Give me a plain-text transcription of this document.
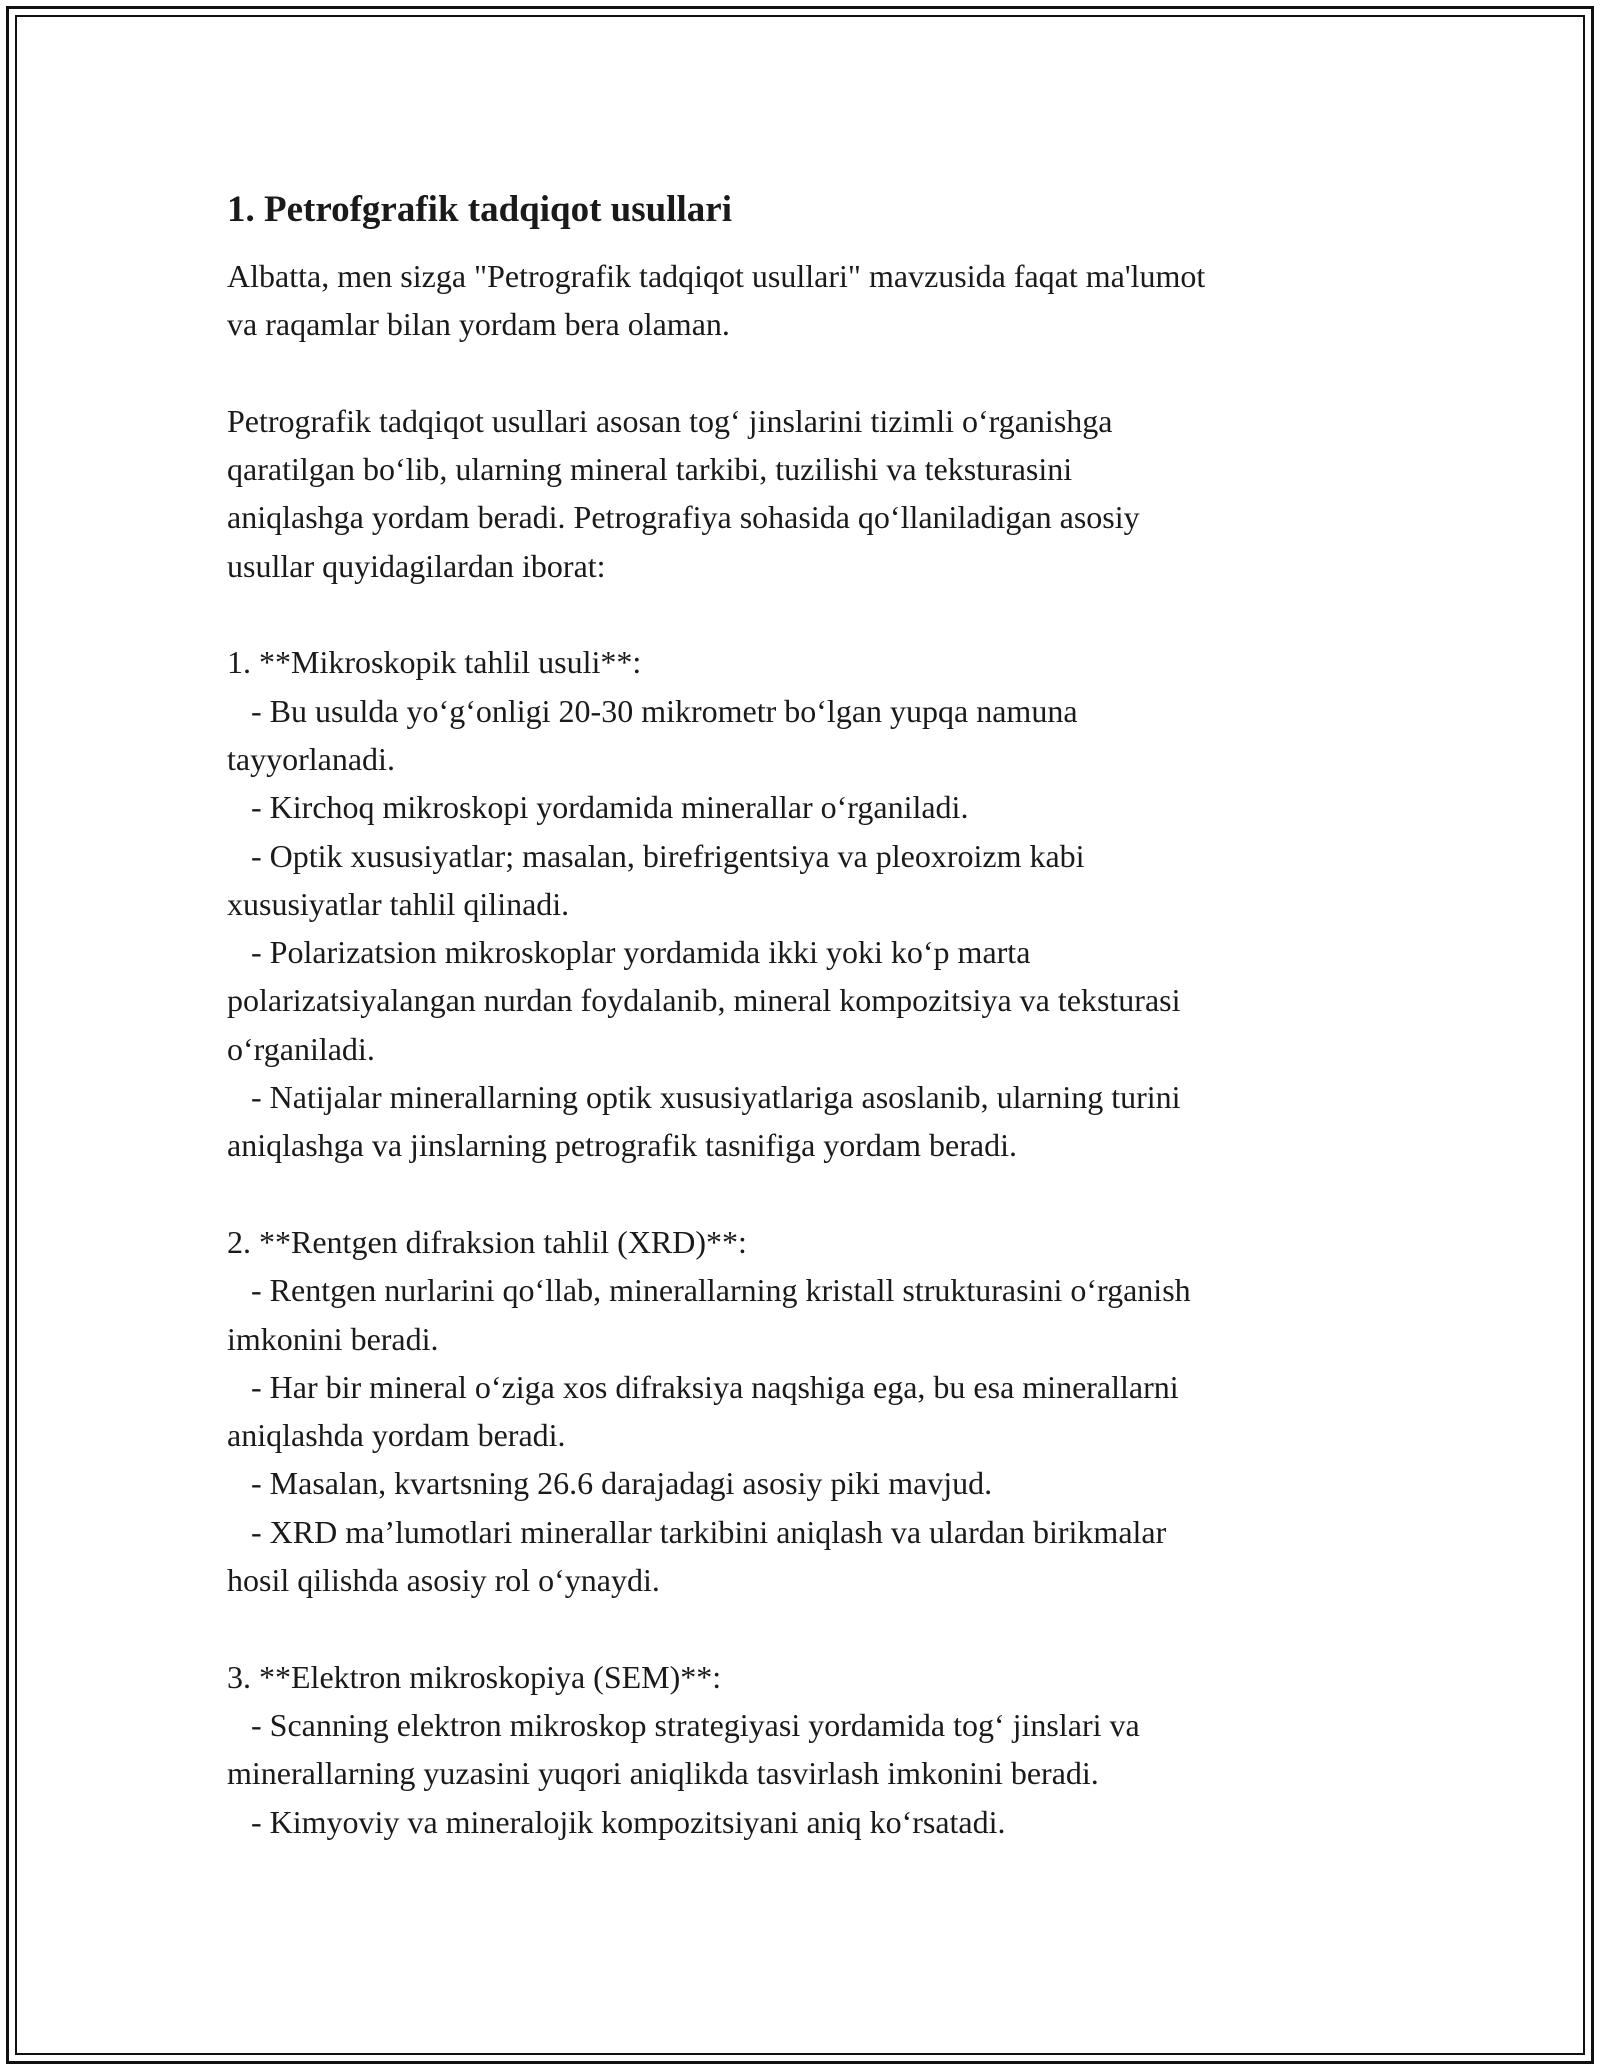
1. Petrofgrafik tadqiqot usullari

Albatta, men sizga "Petrografik tadqiqot usullari" mavzusida faqat ma'lumot
va raqamlar bilan yordam bera olaman.

Petrografik tadqiqot usullari asosan tog‘ jinslarini tizimli o‘rganishga
qaratilgan bo‘lib, ularning mineral tarkibi, tuzilishi va teksturasini
aniqlashga yordam beradi. Petrografiya sohasida qo‘llaniladigan asosiy
usullar quyidagilardan iborat:

1. **Mikroskopik tahlil usuli**:

- Bu usulda yo‘g‘onligi 20-30 mikrometr bo‘lgan yupqa namuna
tayyorlanadi.

- Kirchoq mikroskopi yordamida minerallar o‘rganiladi.

- Optik xususiyatlar; masalan, birefrigentsiya va pleoxroizm kabi
xususiyatlar tahlil qilinadi.

- Polarizatsion mikroskoplar yordamida ikki yoki ko‘p marta
polarizatsiyalangan nurdan foydalanib, mineral kompozitsiya va teksturasi
o‘rganiladi.

- Natijalar minerallarning optik xususiyatlariga asoslanib, ularning turini
aniqlashga va jinslarning petrografik tasnifiga yordam beradi.

2. **Rentgen difraksion tahlil (XRD)**:

- Rentgen nurlarini qo‘llab, minerallarning kristall strukturasini o‘rganish
imkonini beradi.

- Har bir mineral o‘ziga xos difraksiya naqshiga ega, bu esa minerallarni
aniqlashda yordam beradi.

- Masalan, kvartsning 26.6 darajadagi asosiy piki mavjud.

- XRD ma’lumotlari minerallar tarkibini aniqlash va ulardan birikmalar
hosil qilishda asosiy rol o‘ynaydi.

3. **Elektron mikroskopiya (SEM)**:

- Scanning elektron mikroskop strategiyasi yordamida tog‘ jinslari va
minerallarning yuzasini yuqori aniqlikda tasvirlash imkonini beradi.

- Kimyoviy va mineralojik kompozitsiyani aniq ko‘rsatadi.
